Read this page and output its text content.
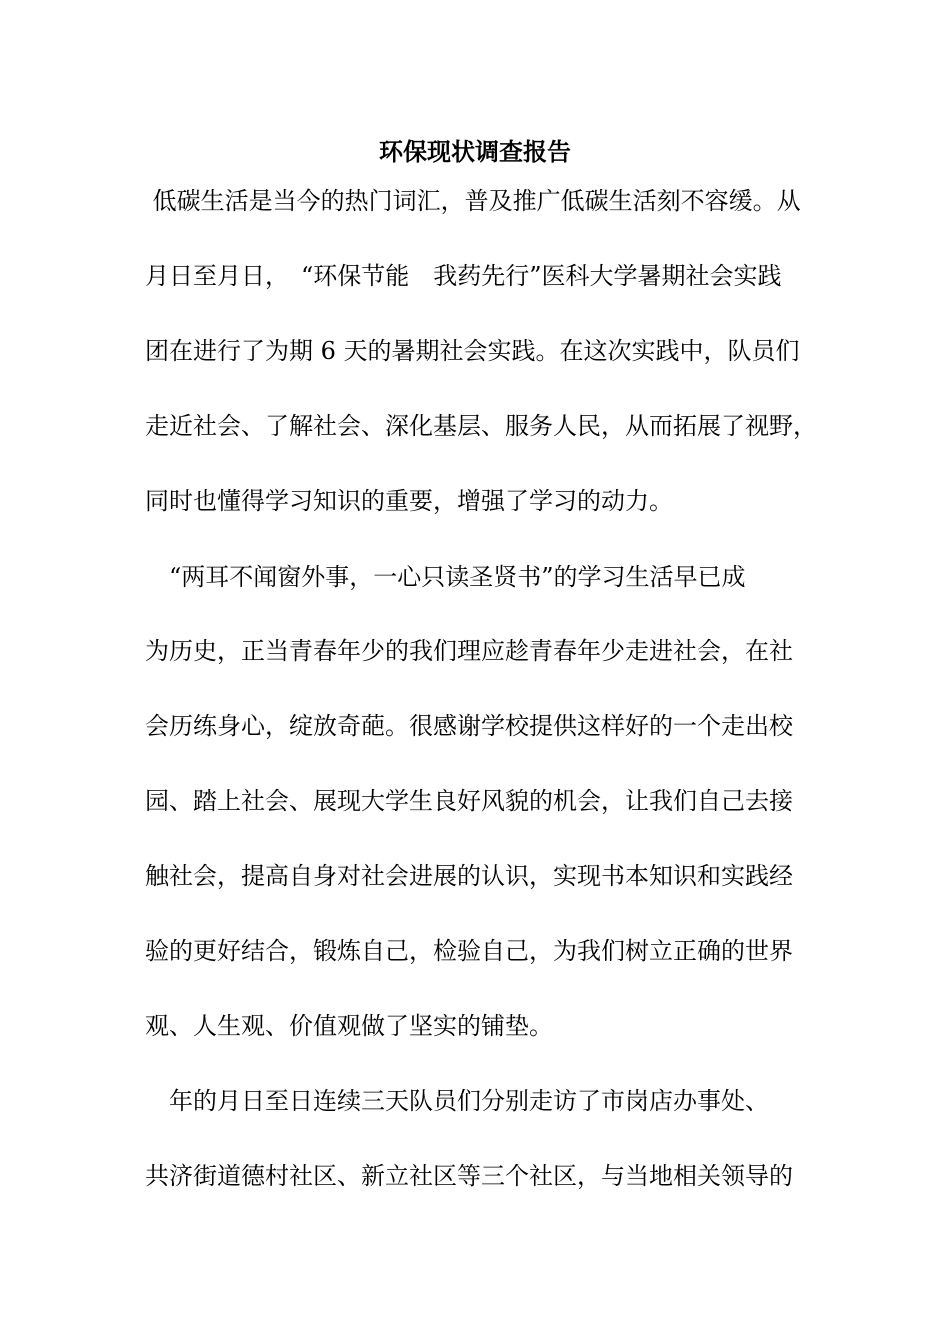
环保现状调查报告

低碳生活是当今的热门词汇，普及推广低碳生活刻不容缓。从

月日至月日，　“环保节能　我药先行”医科大学暑期社会实践

团在进行了为期 6 天的暑期社会实践。在这次实践中，队员们

走近社会、了解社会、深化基层、服务人民，从而拓展了视野，

同时也懂得学习知识的重要，增强了学习的动力。

　“两耳不闻窗外事，一心只读圣贤书”的学习生活早已成

为历史，正当青春年少的我们理应趁青春年少走进社会，在社

会历练身心，绽放奇葩。很感谢学校提供这样好的一个走出校

园、踏上社会、展现大学生良好风貌的机会，让我们自己去接

触社会，提高自身对社会进展的认识，实现书本知识和实践经

验的更好结合，锻炼自己，检验自己，为我们树立正确的世界

观、人生观、价值观做了坚实的铺垫。

　年的月日至日连续三天队员们分别走访了市岗店办事处、

共济街道德村社区、新立社区等三个社区，与当地相关领导的
